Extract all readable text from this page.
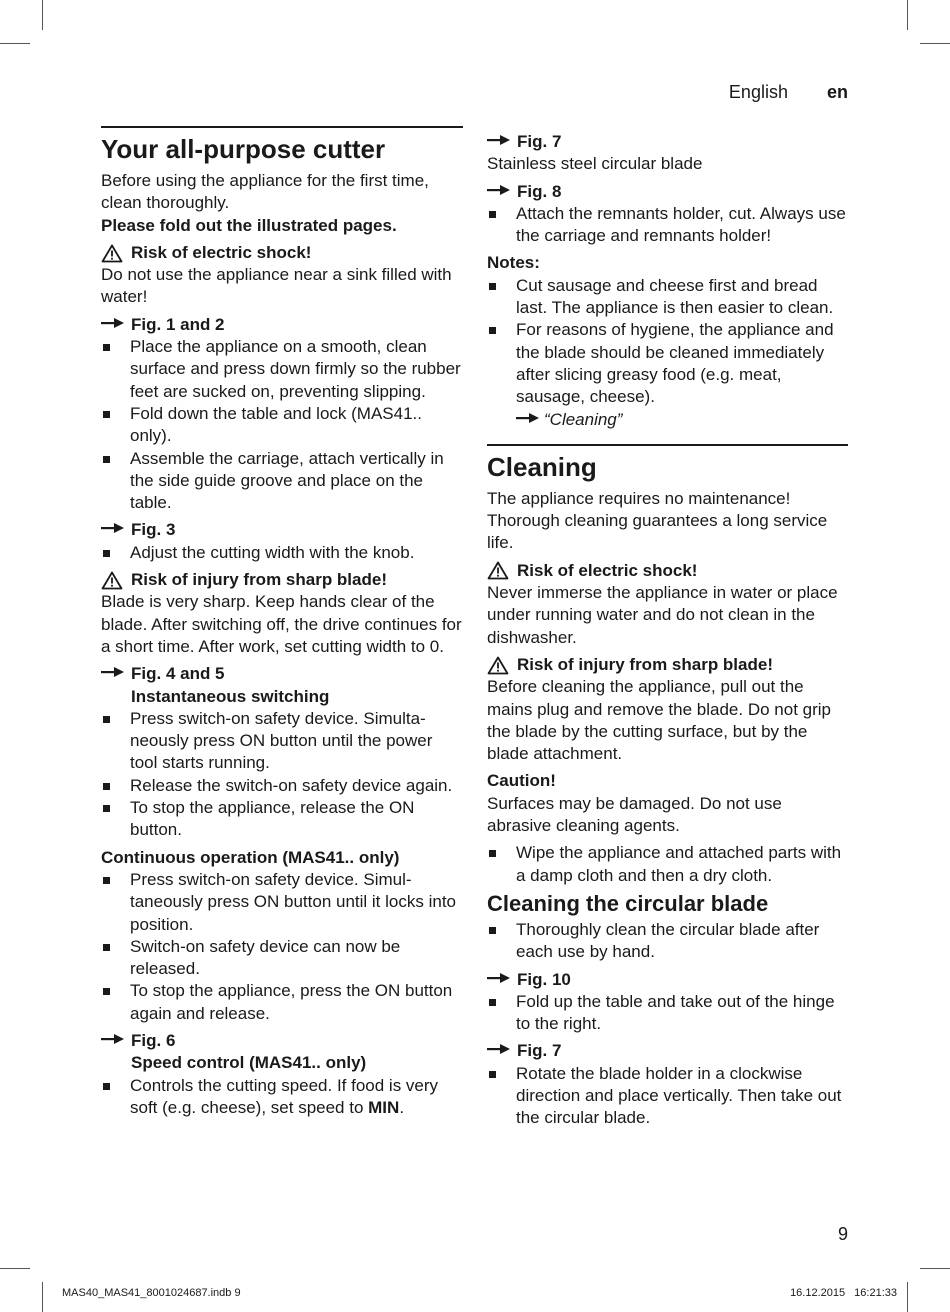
English en
Your all-purpose cutter

Before using the appliance for the first time, clean thoroughly.

Please fold out the illustrated pages.

Risk of electric shock!

Do not use the appliance near a sink filled with water!

Fig. 1 and 2
Place the appliance on a smooth, clean surface and press down firmly so the rubber feet are sucked on, preventing slipping.
Fold down the table and lock (MAS41.. only).
Assemble the carriage, attach vertically in the side guide groove and place on the table.
Fig. 3
Adjust the cutting width with the knob.
Risk of injury from sharp blade!

Blade is very sharp. Keep hands clear of the blade. After switching off, the drive continues for a short time. After work, set cutting width to 0.

Fig. 4 and 5
Instantaneous switching
Press switch-on safety device. Simulta-neously press ON button until the power tool starts running.
Release the switch-on safety device again.
To stop the appliance, release the ON button.

Continuous operation (MAS41.. only)

Press switch-on safety device. Simul-taneously press ON button until it locks into position.
Switch-on safety device can now be released.
To stop the appliance, press the ON button again and release.
Fig. 6
Speed control (MAS41.. only)
Controls the cutting speed. If food is very soft (e.g. cheese), set speed to MIN.
Fig. 7

Stainless steel circular blade

Fig. 8
Attach the remnants holder, cut. Always use the carriage and remnants holder!

Notes:

Cut sausage and cheese first and bread last. The appliance is then easier to clean.
For reasons of hygiene, the appliance and the blade should be cleaned immediately after slicing greasy food (e.g. meat, sausage, cheese).

“Cleaning”
Cleaning

The appliance requires no maintenance! Thorough cleaning guarantees a long service life.

Risk of electric shock!

Never immerse the appliance in water or place under running water and do not clean in the dishwasher.

Risk of injury from sharp blade!

Before cleaning the appliance, pull out the mains plug and remove the blade. Do not grip the blade by the cutting surface, but by the blade attachment.

Caution!

Surfaces may be damaged. Do not use abrasive cleaning agents.

Wipe the appliance and attached parts with a damp cloth and then a dry cloth.
Cleaning the circular blade
Thoroughly clean the circular blade after each use by hand.
Fig. 10
Fold up the table and take out of the hinge to the right.
Fig. 7
Rotate the blade holder in a clockwise direction and place vertically. Then take out the circular blade.
9
MAS40_MAS41_8001024687.indb 9	16.12.2015 16:21:33
